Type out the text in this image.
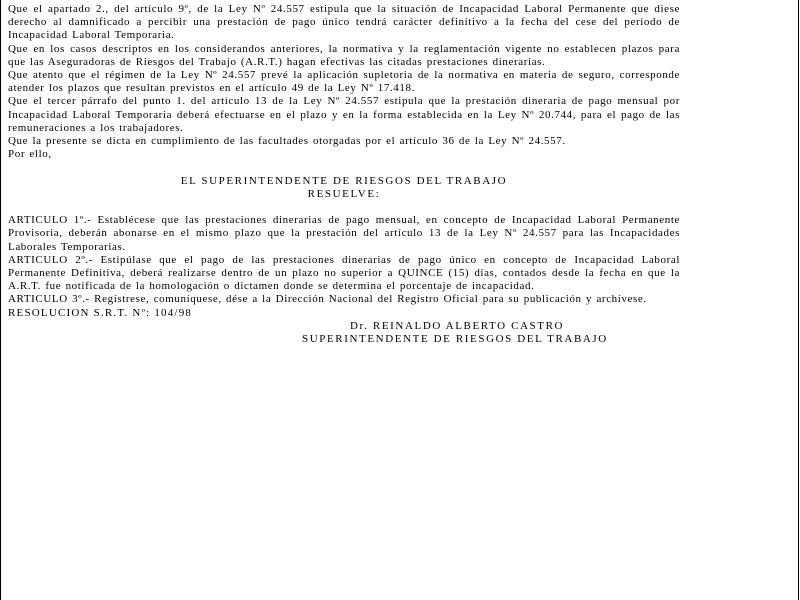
Que el apartado 2., del artículo 9º, de la Ley Nº 24.557 estipula que la situación de Incapacidad Laboral Permanente que diese derecho al damnificado a percibir una prestación de pago único tendrá carácter definitivo a la fecha del cese del período de Incapacidad Laboral Temporaria.

Que en los casos descriptos en los considerandos anteriores, la normativa y la reglamentación vigente no establecen plazos para que las Aseguradoras de Riesgos del Trabajo (A.R.T.) hagan efectivas las citadas prestaciones dinerarias.

Que atento que el régimen de la Ley Nº 24.557 prevé la aplicación supletoria de la normativa en materia de seguro, corresponde atender los plazos que resultan previstos en el artículo 49 de la Ley Nº 17.418.

Que el tercer párrafo del punto 1. del artículo 13 de la Ley Nº 24.557 estipula que la prestación dineraria de pago mensual por Incapacidad Laboral Temporaria deberá efectuarse en el plazo y en la forma establecida en la Ley Nº 20.744, para el pago de las remuneraciones a los trabajadores.

Que la presente se dicta en cumplimiento de las facultades otorgadas por el artículo 36 de la Ley Nº 24.557.

Por ello,

EL SUPERINTENDENTE DE RIESGOS DEL TRABAJO

RESUELVE:

ARTICULO 1º.- Establécese que las prestaciones dinerarias de pago mensual, en concepto de Incapacidad Laboral Permanente Provisoria, deberán abonarse en el mismo plazo que la prestación del artículo 13 de la Ley Nº 24.557 para las Incapacidades Laborales Temporarias.

ARTICULO 2º.- Estipúlase que el pago de las prestaciones dinerarias de pago único en concepto de Incapacidad Laboral Permanente Definitiva, deberá realizarse dentro de un plazo no superior a QUINCE (15) días, contados desde la fecha en que la A.R.T. fue notificada de la homologación o dictamen donde se determina el porcentaje de incapacidad.

ARTICULO 3º.- Regístrese, comuníquese, dése a la Dirección Nacional del Registro Oficial para su publicación y archívese.

RESOLUCION S.R.T. Nº: 104/98

Dr. REINALDO ALBERTO CASTRO

SUPERINTENDENTE DE RIESGOS DEL TRABAJO
